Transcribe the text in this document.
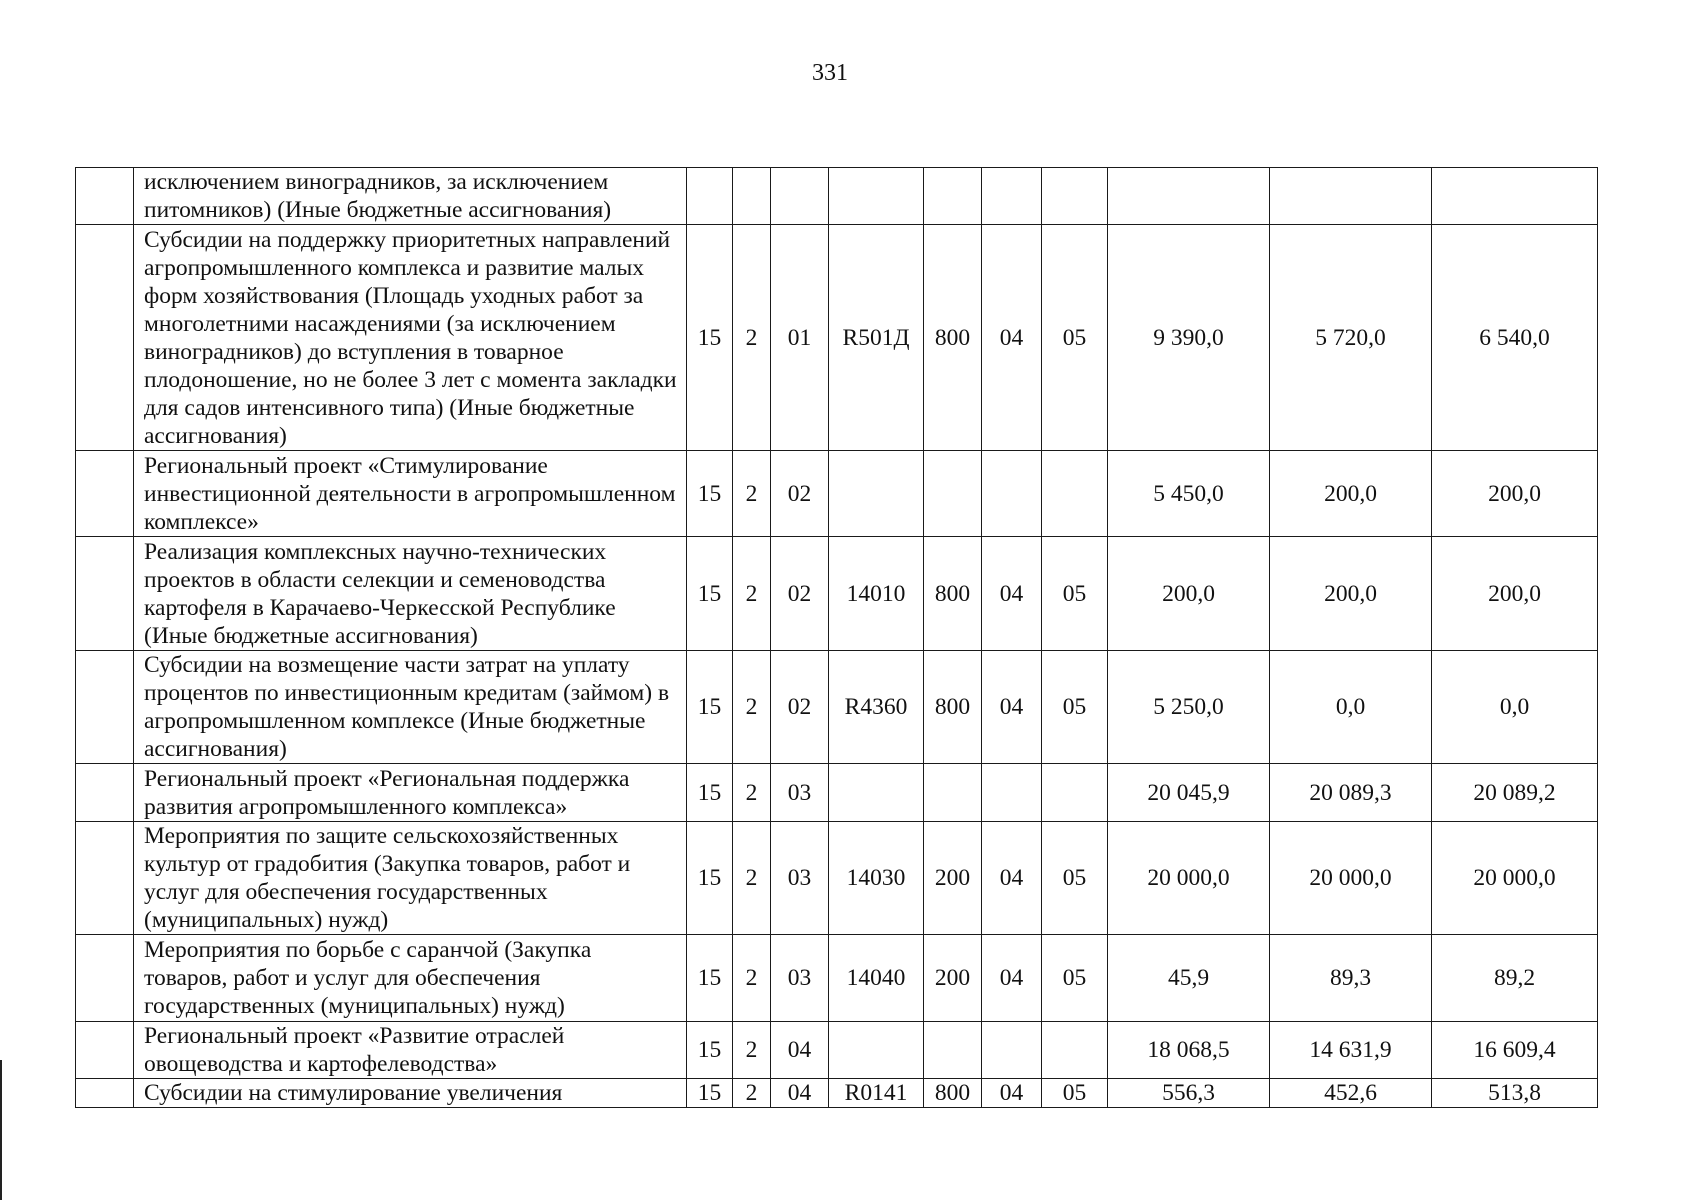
331
	исключением виноградников, за исключением питомников) (Иные бюджетные ассигнования)										
	Субсидии на поддержку приоритетных направлений агропромышленного комплекса и развитие малых форм хозяйствования (Площадь уходных работ за многолетними насаждениями (за исключением виноградников) до вступления в товарное плодоношение, но не более 3 лет с момента закладки для садов интенсивного типа) (Иные бюджетные ассигнования)	15	2	01	R501Д	800	04	05	9 390,0	5 720,0	6 540,0
	Региональный проект «Стимулирование инвестиционной деятельности в агропромышленном комплексе»	15	2	02					5 450,0	200,0	200,0
	Реализация комплексных научно-технических проектов в области селекции и семеноводства картофеля в Карачаево-Черкесской Республике (Иные бюджетные ассигнования)	15	2	02	14010	800	04	05	200,0	200,0	200,0
	Субсидии на возмещение части затрат на уплату процентов по инвестиционным кредитам (займом) в агропромышленном комплексе (Иные бюджетные ассигнования)	15	2	02	R4360	800	04	05	5 250,0	0,0	0,0
	Региональный проект «Региональная поддержка развития агропромышленного комплекса»	15	2	03					20 045,9	20 089,3	20 089,2
	Мероприятия по защите сельскохозяйственных культур от градобития (Закупка товаров, работ и услуг для обеспечения государственных (муниципальных) нужд)	15	2	03	14030	200	04	05	20 000,0	20 000,0	20 000,0
	Мероприятия по борьбе с саранчой (Закупка товаров, работ и услуг для обеспечения государственных (муниципальных) нужд)	15	2	03	14040	200	04	05	45,9	89,3	89,2
	Региональный проект «Развитие отраслей овощеводства и картофелеводства»	15	2	04					18 068,5	14 631,9	16 609,4
	Субсидии на стимулирование увеличения	15	2	04	R0141	800	04	05	556,3	452,6	513,8
